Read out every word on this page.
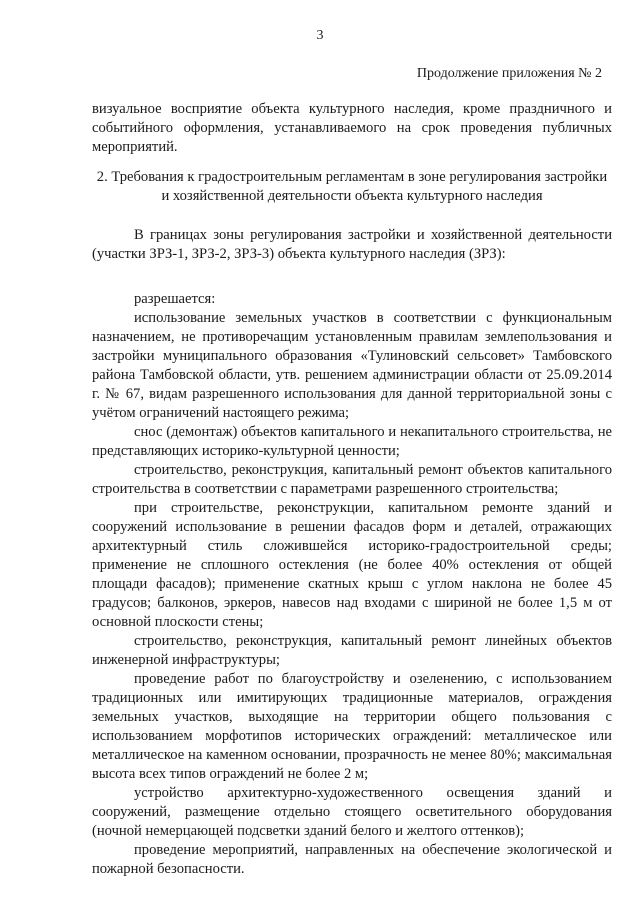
3
Продолжение приложения № 2

визуальное восприятие объекта культурного наследия, кроме праздничного и событийного оформления, устанавливаемого на срок проведения публичных мероприятий.

2. Требования к градостроительным регламентам в зоне регулирования застройки и хозяйственной деятельности объекта культурного наследия

В границах зоны регулирования застройки и хозяйственной деятельности (участки ЗРЗ-1, ЗРЗ-2, ЗРЗ-3) объекта культурного наследия (ЗРЗ):

разрешается:

использование земельных участков в соответствии с функциональным назначением, не противоречащим установленным правилам землепользования и застройки муниципального образования «Тулиновский сельсовет» Тамбовского района Тамбовской области, утв. решением администрации области от 25.09.2014 г. № 67, видам разрешенного использования для данной территориальной зоны с учётом ограничений настоящего режима;

снос (демонтаж) объектов капитального и некапитального строительства, не представляющих историко-культурной ценности;

строительство, реконструкция, капитальный ремонт объектов капитального строительства в соответствии с параметрами разрешенного строительства;

при строительстве, реконструкции, капитальном ремонте зданий и сооружений использование в решении фасадов форм и деталей, отражающих архитектурный стиль сложившейся историко-градостроительной среды; применение не сплошного остекления (не более 40% остекления от общей площади фасадов); применение скатных крыш с углом наклона не более 45 градусов; балконов, эркеров, навесов над входами с шириной не более 1,5 м от основной плоскости стены;

строительство, реконструкция, капитальный ремонт линейных объектов инженерной инфраструктуры;

проведение работ по благоустройству и озеленению, с использованием традиционных или имитирующих традиционные материалов, ограждения земельных участков, выходящие на территории общего пользования с использованием морфотипов исторических ограждений: металлическое или металлическое на каменном основании, прозрачность не менее 80%; максимальная высота всех типов ограждений не более 2 м;

устройство архитектурно-художественного освещения зданий и сооружений, размещение отдельно стоящего осветительного оборудования (ночной немерцающей подсветки зданий белого и желтого оттенков);

проведение мероприятий, направленных на обеспечение экологической и пожарной безопасности.
